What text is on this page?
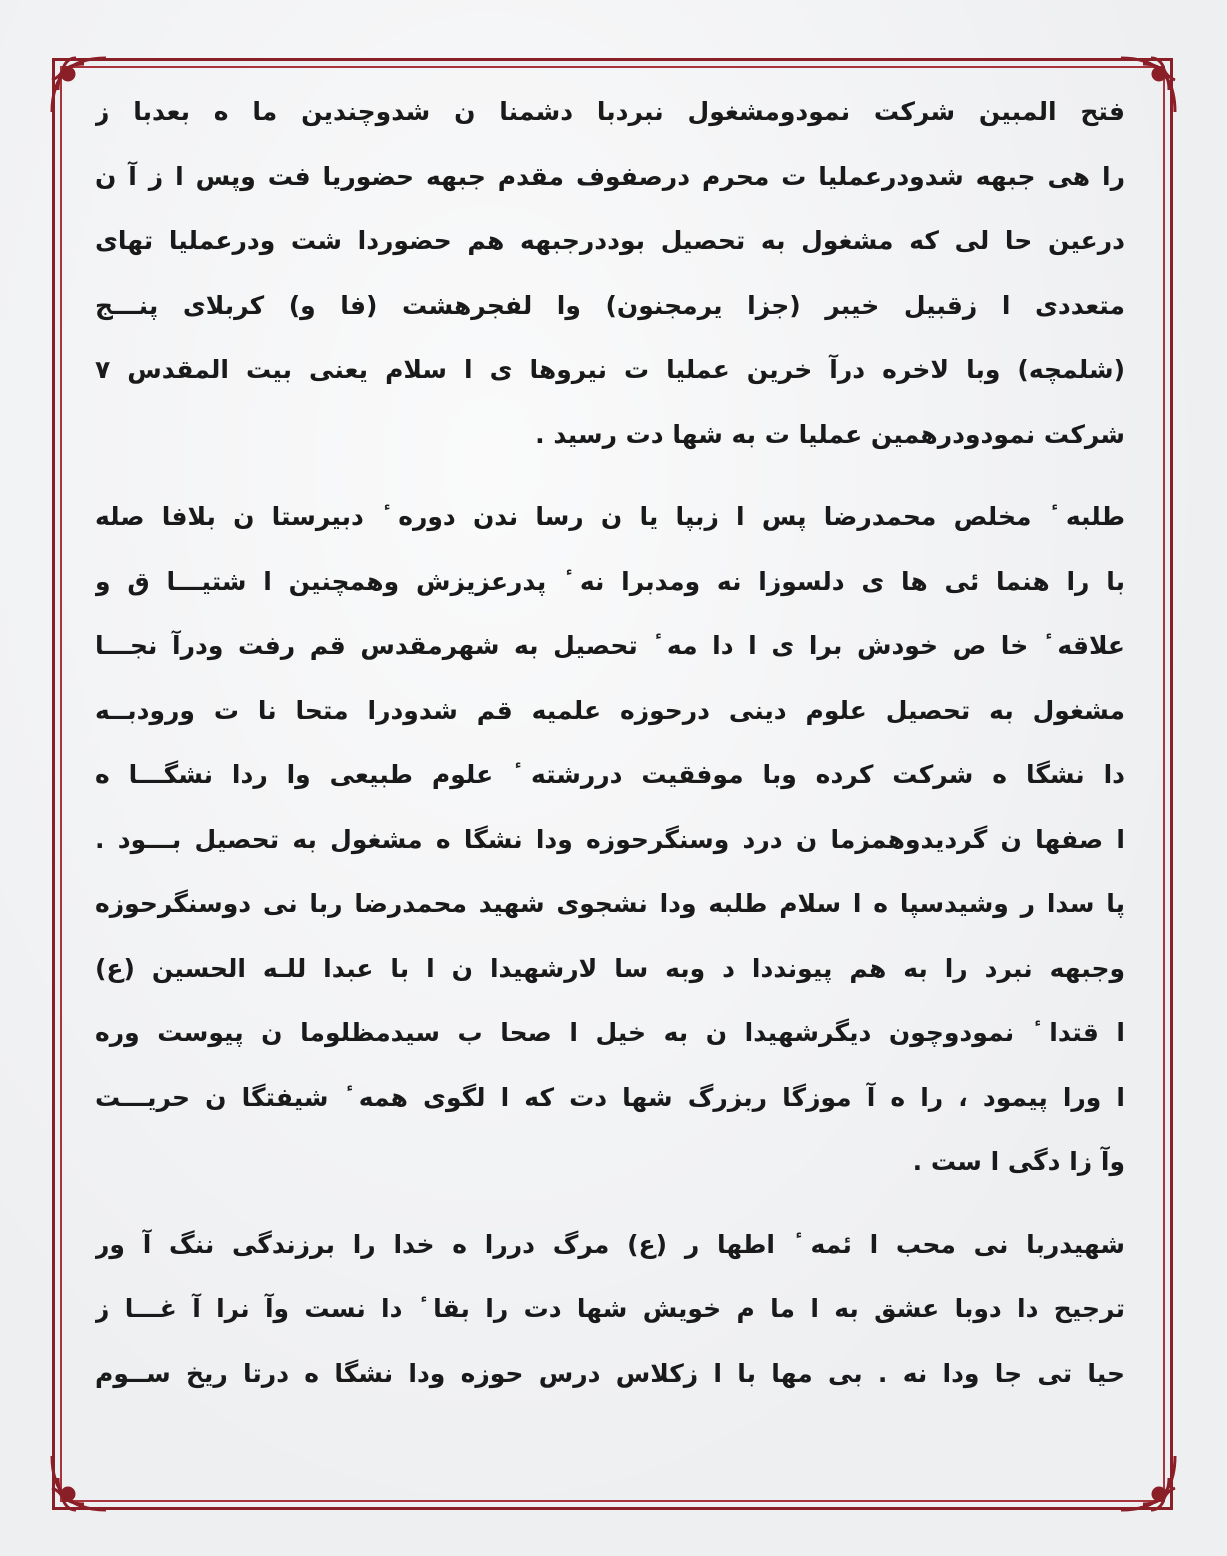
فتح المبین شرکت نمودومشغول نبردبا دشمنا ن شدوچندین ما ه بعدبا ز
را هی جبهه شدودرعملیا ت محرم درصفوف مقدم جبهه حضوریا فت وپس ا ز آ ن
درعین حا لی که مشغول به تحصیل بوددرجبهه هم حضوردا شت ودرعملیا تهای
متعددی ا زقبیل خیبر (جزا یرمجنون) وا لفجرهشت (فا و) کربلای پنـــج
(شلمچه) وبا لاخره درآ خرین عملیا ت نیروها ی ا سلام یعنی بیت المقدس ۷
شرکت نمودودرهمین عملیا ت به شها دت رسید .
طلبه ٔ مخلص محمدرضا پس ا زبپا یا ن رسا ندن دوره ٔ دبیرستا ن بلافا صله
با را هنما ئی ها ی دلسوزا نه ومدبرا نه ٔ پدرعزیزش وهمچنین ا شتیـــا ق و
علاقه ٔ خا ص خودش برا ی ا دا مه ٔ تحصیل به شهرمقدس قم رفت ودرآ نجـــا
مشغول به تحصیل علوم دینی درحوزه علمیه قم شدودرا متحا نا ت ورودبــه
دا نشگا ه شرکت کرده وبا موفقیت دررشته ٔ علوم طبیعی وا ردا نشگـــا ه
ا صفها ن گردیدوهمزما ن درد وسنگرحوزه ودا نشگا ه مشغول به تحصیل بـــود .
پا سدا ر وشیدسپا ه ا سلام طلبه ودا نشجوی شهید محمدرضا ربا نی دوسنگرحوزه
وجبهه نبرد را به هم پیونددا د وبه سا لارشهیدا ن ا با عبدا للـه الحسین (ع)
ا قتدا ٔ نمودوچون دیگرشهیدا ن به خیل ا صحا ب سیدمظلوما ن پیوست وره
ا ورا پیمود ، را ه آ موزگا ربزرگ شها دت که ا لگوی همه ٔ شیفتگا ن حریـــت
وآ زا دگی ا ست .
شهیدربا نی محب ا ئمه ٔ اطها ر (ع) مرگ دررا ه خدا را برزندگی ننگ آ ور
ترجیح دا دوبا عشق به ا ما م خویش شها دت را بقا ٔ دا نست وآ نرا آ غـــا ز
حیا تی جا ودا نه . بی مها با ا زکلاس درس حوزه ودا نشگا ه درتا ریخ ســوم
